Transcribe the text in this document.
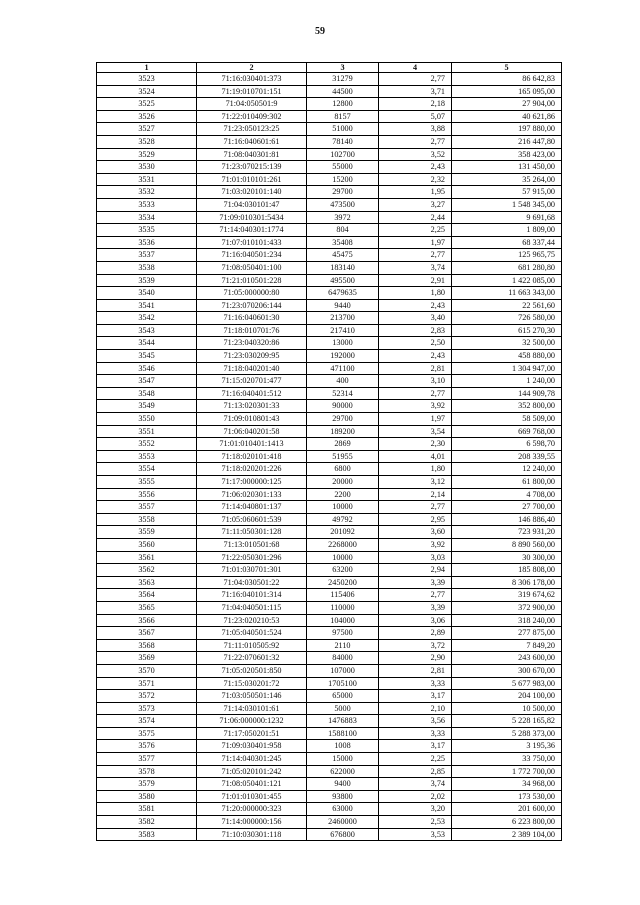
59
1	2	3	4	5
3523	71:16:030401:373	31279	2,77	86 642,83
3524	71:19:010701:151	44500	3,71	165 095,00
3525	71:04:050501:9	12800	2,18	27 904,00
3526	71:22:010409:302	8157	5,07	40 621,86
3527	71:23:050123:25	51000	3,88	197 880,00
3528	71:16:040601:61	78140	2,77	216 447,80
3529	71:08:040301:81	102700	3,52	358 423,00
3530	71:23:070215:139	55000	2,43	131 450,00
3531	71:01:010101:261	15200	2,32	35 264,00
3532	71:03:020101:140	29700	1,95	57 915,00
3533	71:04:030101:47	473500	3,27	1 548 345,00
3534	71:09:010301:5434	3972	2,44	9 691,68
3535	71:14:040301:1774	804	2,25	1 809,00
3536	71:07:010101:433	35408	1,97	68 337,44
3537	71:16:040501:234	45475	2,77	125 965,75
3538	71:08:050401:100	183140	3,74	681 280,80
3539	71:21:010501:228	495500	2,91	1 422 085,00
3540	71:05:000000:80	6479635	1,80	11 663 343,00
3541	71:23:070206:144	9440	2,43	22 561,60
3542	71:16:040601:30	213700	3,40	726 580,00
3543	71:18:010701:76	217410	2,83	615 270,30
3544	71:23:040320:86	13000	2,50	32 500,00
3545	71:23:030209:95	192000	2,43	458 880,00
3546	71:18:040201:40	471100	2,81	1 304 947,00
3547	71:15:020701:477	400	3,10	1 240,00
3548	71:16:040401:512	52314	2,77	144 909,78
3549	71:13:020301:33	90000	3,92	352 800,00
3550	71:09:010801:43	29700	1,97	58 509,00
3551	71:06:040201:58	189200	3,54	669 768,00
3552	71:01:010401:1413	2869	2,30	6 598,70
3553	71:18:020101:418	51955	4,01	208 339,55
3554	71:18:020201:226	6800	1,80	12 240,00
3555	71:17:000000:125	20000	3,12	61 800,00
3556	71:06:020301:133	2200	2,14	4 708,00
3557	71:14:040801:137	10000	2,77	27 700,00
3558	71:05:060601:539	49792	2,95	146 886,40
3559	71:11:050301:128	201092	3,60	723 931,20
3560	71:13:010501:68	2268000	3,92	8 890 560,00
3561	71:22:050301:296	10000	3,03	30 300,00
3562	71:01:030701:301	63200	2,94	185 808,00
3563	71:04:030501:22	2450200	3,39	8 306 178,00
3564	71:16:040101:314	115406	2,77	319 674,62
3565	71:04:040501:115	110000	3,39	372 900,00
3566	71:23:020210:53	104000	3,06	318 240,00
3567	71:05:040501:524	97500	2,89	277 875,00
3568	71:11:010505:92	2110	3,72	7 849,20
3569	71:22:070601:32	84000	2,90	243 600,00
3570	71:05:020501:850	107000	2,81	300 670,00
3571	71:15:030201:72	1705100	3,33	5 677 983,00
3572	71:03:050501:146	65000	3,17	204 100,00
3573	71:14:030101:61	5000	2,10	10 500,00
3574	71:06:000000:1232	1476883	3,56	5 228 165,82
3575	71:17:050201:51	1588100	3,33	5 288 373,00
3576	71:09:030401:958	1008	3,17	3 195,36
3577	71:14:040301:245	15000	2,25	33 750,00
3578	71:05:020101:242	622000	2,85	1 772 700,00
3579	71:08:050401:121	9400	3,74	34 968,00
3580	71:01:010301:455	93800	2,02	173 530,00
3581	71:20:000000:323	63000	3,20	201 600,00
3582	71:14:000000:156	2460000	2,53	6 223 800,00
3583	71:10:030301:118	676800	3,53	2 389 104,00
